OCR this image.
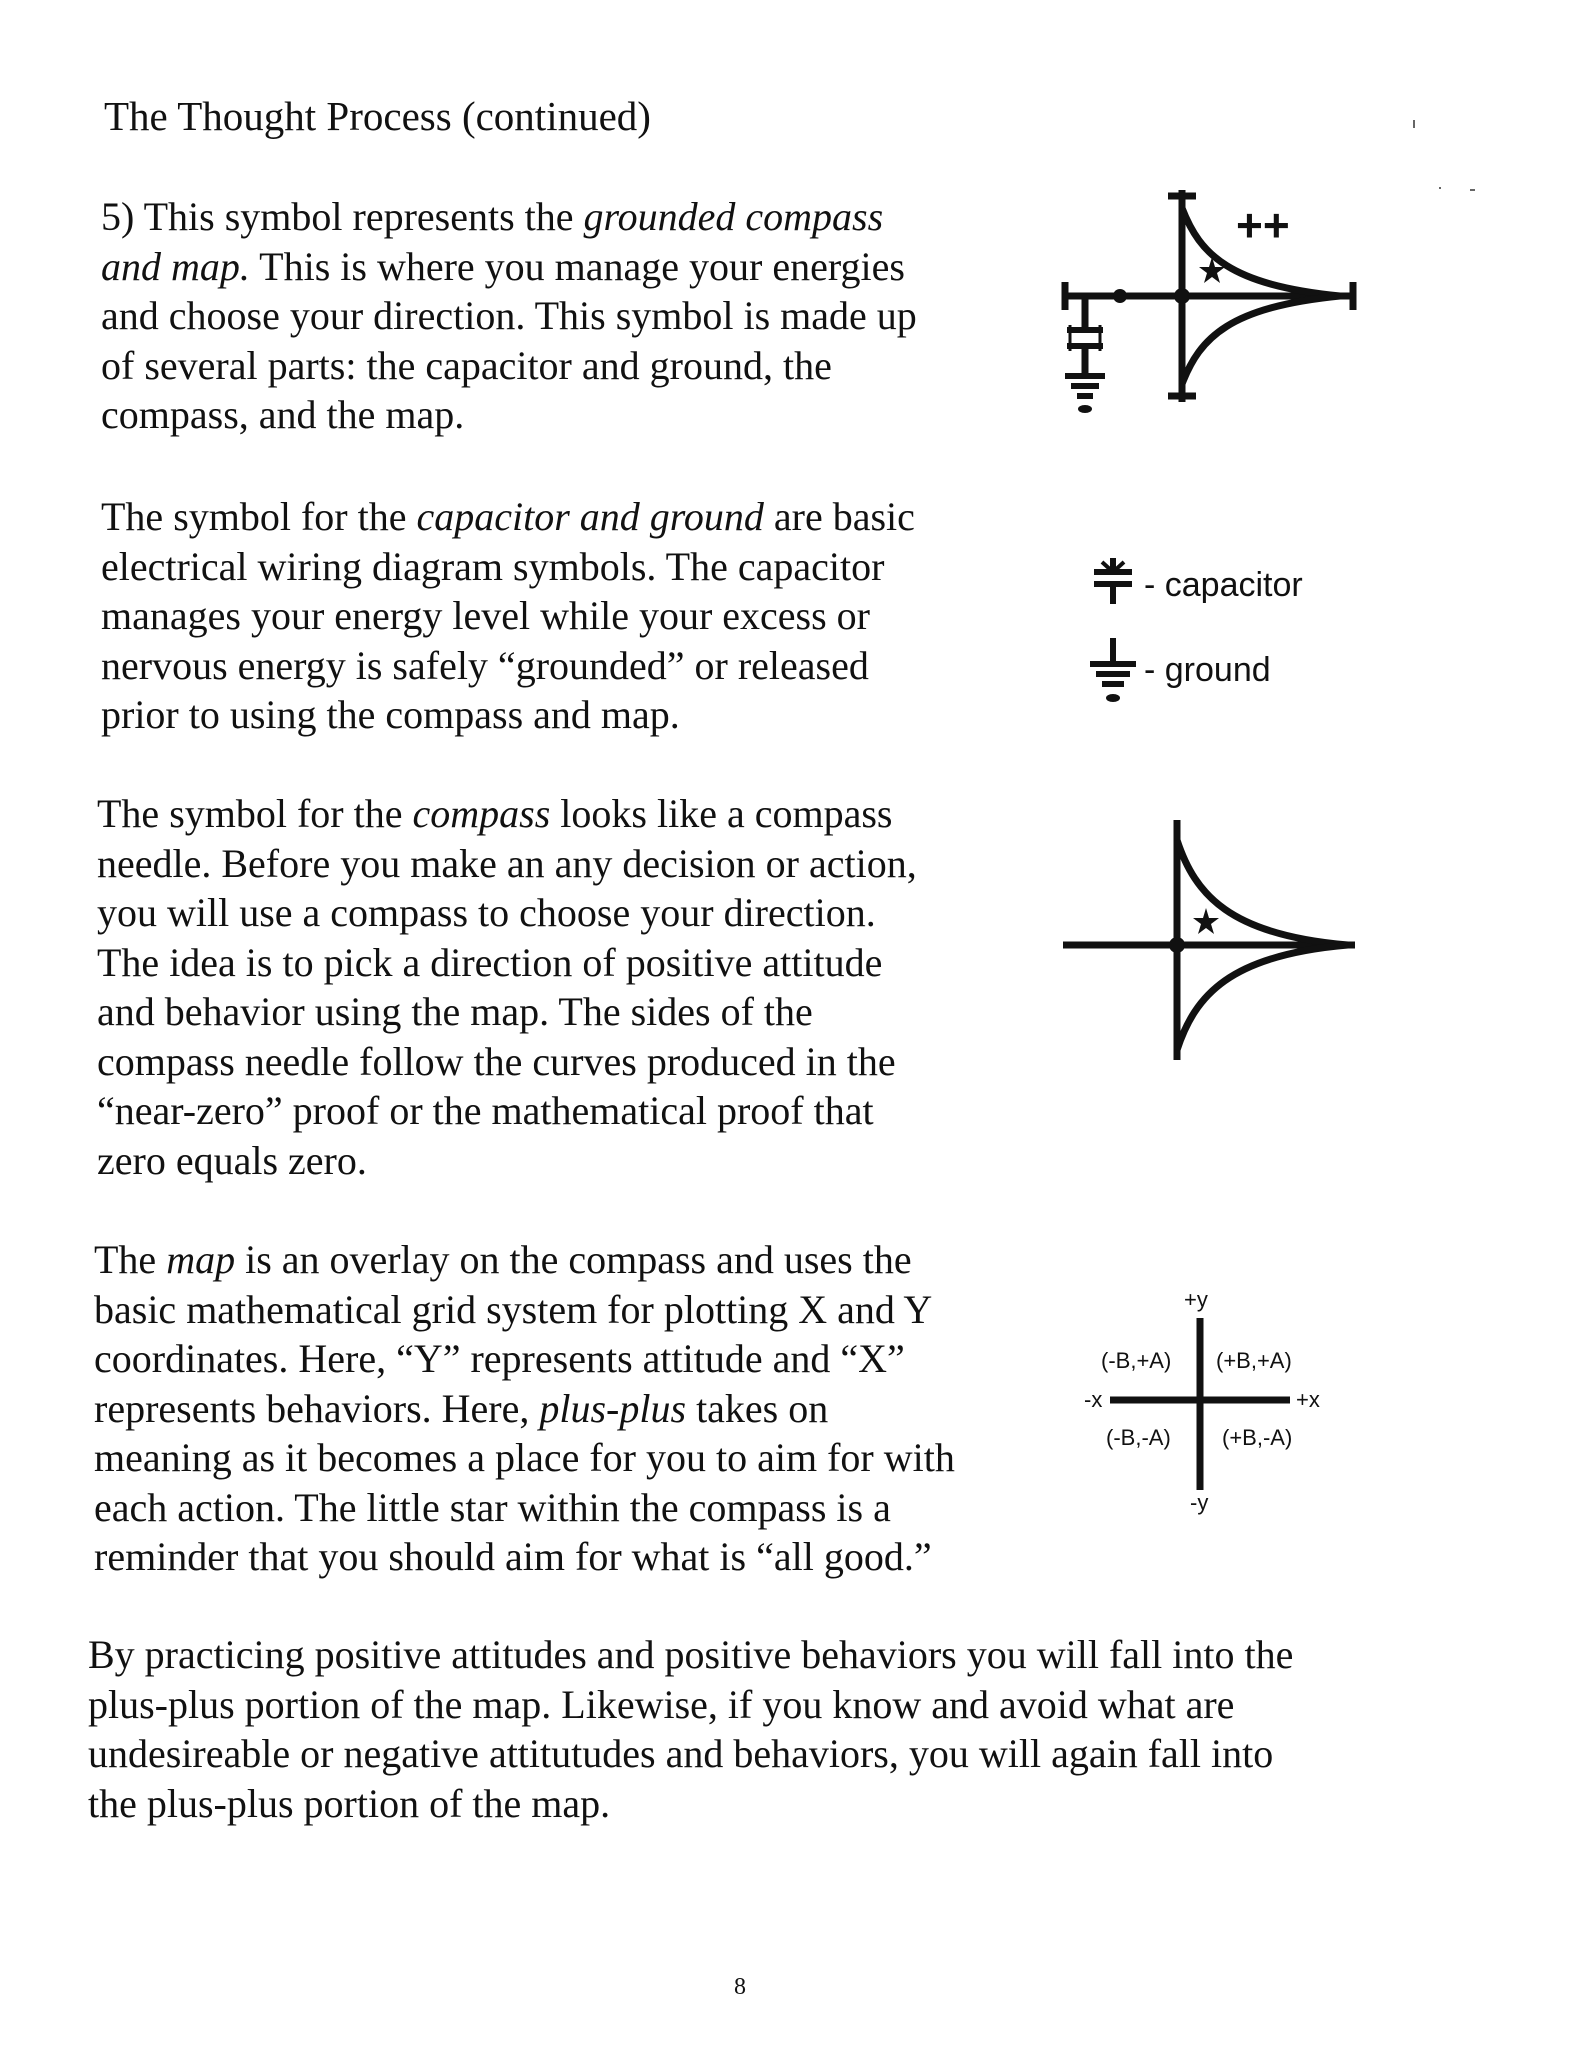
The Thought Process (continued)
5) This symbol represents the grounded compass
and map. This is where you manage your energies
and choose your direction. This symbol is made up
of several parts: the capacitor and ground, the
compass, and the map.
The symbol for the capacitor and ground are basic
electrical wiring diagram symbols. The capacitor
manages your energy level while your excess or
nervous energy is safely “grounded” or released
prior to using the compass and map.
The symbol for the compass looks like a compass
needle. Before you make an any decision or action,
you will use a compass to choose your direction.
The idea is to pick a direction of positive attitude
and behavior using the map. The sides of the
compass needle follow the curves produced in the
“near-zero” proof or the mathematical proof that
zero equals zero.
The map is an overlay on the compass and uses the
basic mathematical grid system for plotting X and Y
coordinates. Here, “Y” represents attitude and “X”
represents behaviors. Here, plus-plus takes on
meaning as it becomes a place for you to aim for with
each action. The little star within the compass is a
reminder that you should aim for what is “all good.”
By practicing positive attitudes and positive behaviors you will fall into the
plus-plus portion of the map. Likewise, if you know and avoid what are
undesireable or negative attitutudes and behaviors, you will again fall into
the plus-plus portion of the map.
++
- capacitor
- ground
+y
-y
-x	+x
(-B,+A) (+B,+A)
(-B,-A) (+B,-A)
8
